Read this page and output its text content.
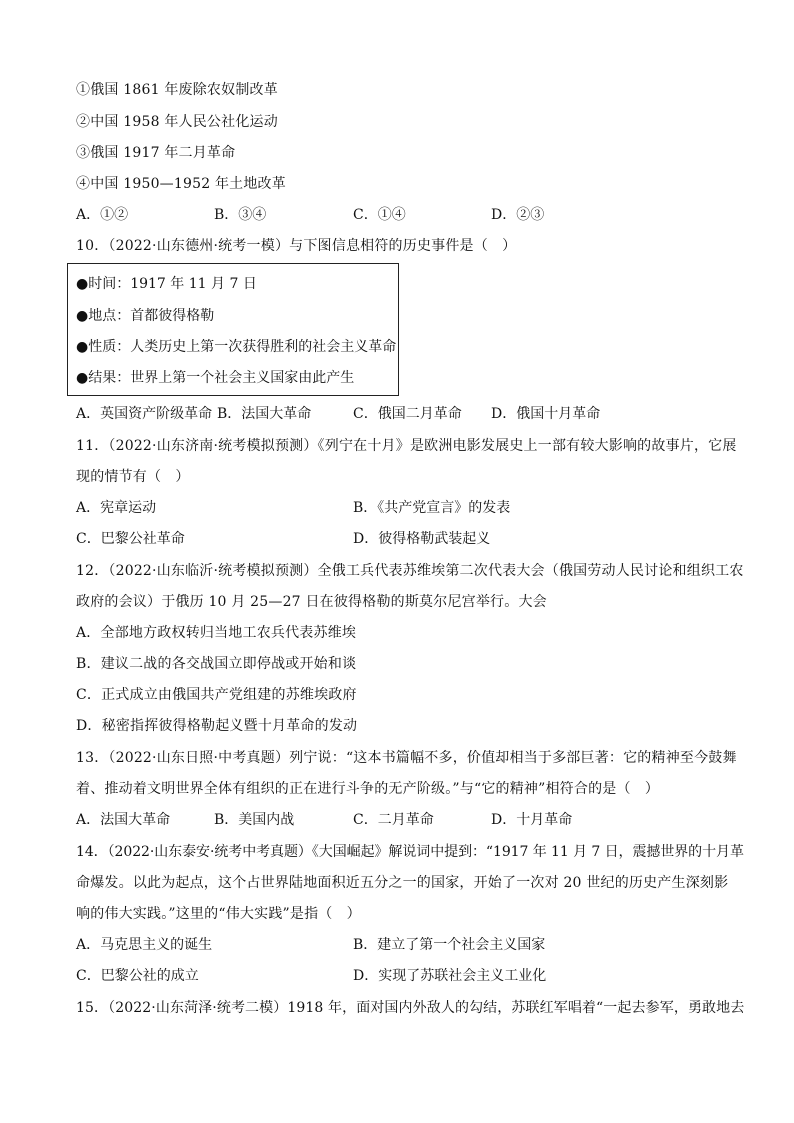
①俄国 1861 年废除农奴制改革
②中国 1958 年人民公社化运动
③俄国 1917 年二月革命
④中国 1950—1952 年土地改革
A．①②	B．③④	C．①④	D．②③
10．（2022·山东德州·统考一模）与下图信息相符的历史事件是（　）
●时间：1917 年 11 月 7 日
●地点：首都彼得格勒
●性质：人类历史上第一次获得胜利的社会主义革命
●结果：世界上第一个社会主义国家由此产生
A．英国资产阶级革命 B．法国大革命	C．俄国二月革命 D．俄国十月革命
11．（2022·山东济南·统考模拟预测）《列宁在十月》是欧洲电影发展史上一部有较大影响的故事片，它展
现的情节有（　）
A．宪章运动	B．《共产党宣言》的发表
C．巴黎公社革命	D．彼得格勒武装起义
12．（2022·山东临沂·统考模拟预测）全俄工兵代表苏维埃第二次代表大会（俄国劳动人民讨论和组织工农
政府的会议）于俄历 10 月 25—27 日在彼得格勒的斯莫尔尼宫举行。大会
A．全部地方政权转归当地工农兵代表苏维埃
B．建议二战的各交战国立即停战或开始和谈
C．正式成立由俄国共产党组建的苏维埃政府
D．秘密指挥彼得格勒起义暨十月革命的发动
13．（2022·山东日照·中考真题）列宁说：“这本书篇幅不多，价值却相当于多部巨著：它的精神至今鼓舞
着、推动着文明世界全体有组织的正在进行斗争的无产阶级。”与“它的精神”相符合的是（　）
A．法国大革命	B．美国内战	C．二月革命	D．十月革命
14．（2022·山东泰安·统考中考真题）《大国崛起》解说词中提到：“1917 年 11 月 7 日，震撼世界的十月革
命爆发。以此为起点，这个占世界陆地面积近五分之一的国家，开始了一次对 20 世纪的历史产生深刻影
响的伟大实践。”这里的“伟大实践”是指（　）
A．马克思主义的诞生	B．建立了第一个社会主义国家
C．巴黎公社的成立	D．实现了苏联社会主义工业化
15．（2022·山东菏泽·统考二模）1918 年，面对国内外敌人的勾结，苏联红军唱着“一起去参军，勇敢地去
